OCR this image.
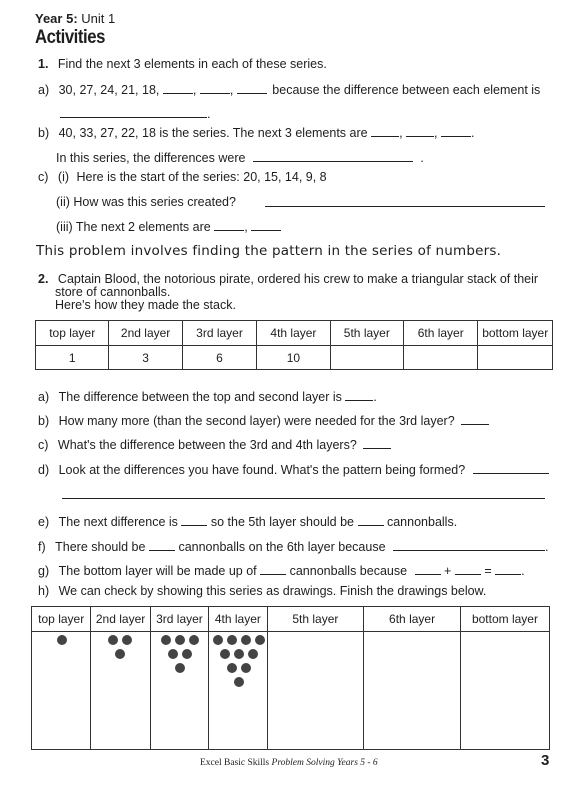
Year 5: Unit 1
Activities
1. Find the next 3 elements in each of these series.
a) 30, 27, 24, 21, 18,	,	,	because the difference between each element is
.
b) 40, 33, 27, 22, 18 is the series. The next 3 elements are	,	,	.
In this series, the differences were	.
c) (i) Here is the start of the series: 20, 15, 14, 9, 8
(ii) How was this series created?
(iii) The next 2 elements are	,
This problem involves finding the pattern in the series of numbers.
2. Captain Blood, the notorious pirate, ordered his crew to make a triangular stack of their
store of cannonballs.
Here's how they made the stack.
top layer	2nd layer	3rd layer	4th layer	5th layer	6th layer	bottom layer
1	3	6	10			
a) The difference between the top and second layer is	.
b) How many more (than the second layer) were needed for the 3rd layer?
c) What's the difference between the 3rd and 4th layers?
d) Look at the differences you have found. What's the pattern being formed?
e) The next difference is	so the 5th layer should be	cannonballs.
f) There should be	cannonballs on the 6th layer because	.
g) The bottom layer will be made up of	cannonballs because	+	= .
h) We can check by showing this series as drawings. Finish the drawings below.
top layer	2nd layer	3rd layer	4th layer	5th layer	6th layer	bottom layer

Excel Basic Skills Problem Solving Years 5 - 6	3
